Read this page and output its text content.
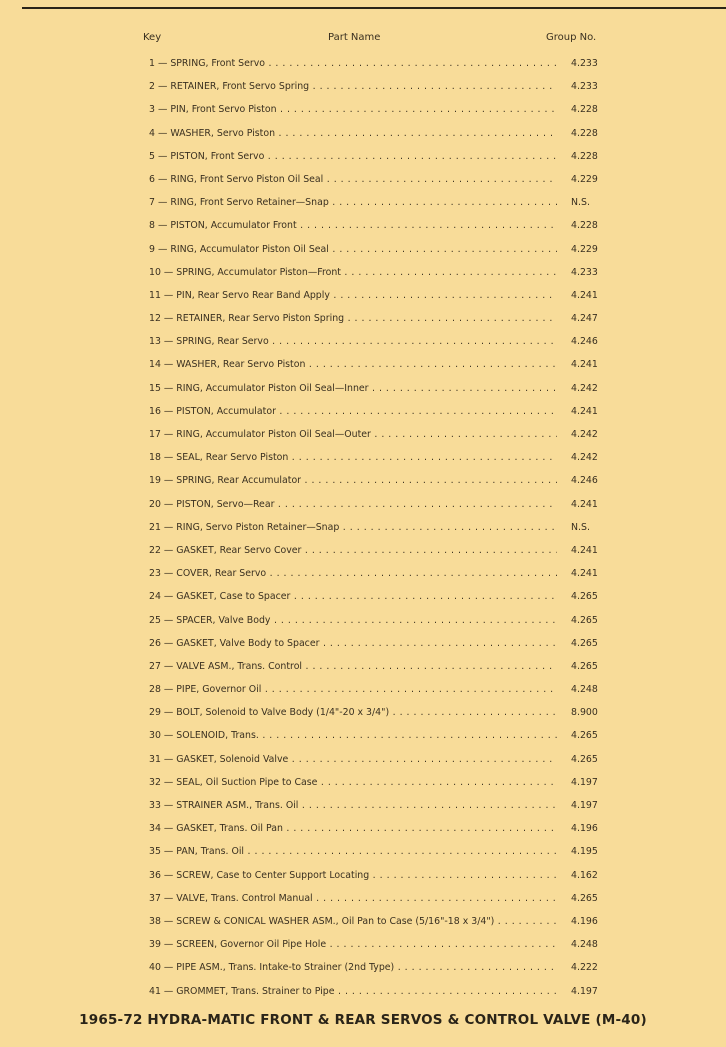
Key	Part Name	Group No.
1 — SPRING, Front Servo . . .	4.233
2 — RETAINER, Front Servo Spring . . .	4.233
3 — PIN, Front Servo Piston . . .	4.228
4 — WASHER, Servo Piston . . .	4.228
5 — PISTON, Front Servo . . .	4.228
6 — RING, Front Servo Piston Oil Seal . . .	4.229
7 — RING, Front Servo Retainer—Snap . . .	N.S.
8 — PISTON, Accumulator Front . . .	4.228
9 — RING, Accumulator Piston Oil Seal . . .	4.229
10 — SPRING, Accumulator Piston—Front . . .	4.233
11 — PIN, Rear Servo Rear Band Apply . . .	4.241
12 — RETAINER, Rear Servo Piston Spring . . .	4.247
13 — SPRING, Rear Servo . . .	4.246
14 — WASHER, Rear Servo Piston . . .	4.241
15 — RING, Accumulator Piston Oil Seal—Inner . . .	4.242
16 — PISTON, Accumulator . . .	4.241
17 — RING, Accumulator Piston Oil Seal—Outer . . .	4.242
18 — SEAL, Rear Servo Piston . . .	4.242
19 — SPRING, Rear Accumulator . . .	4.246
20 — PISTON, Servo—Rear . . .	4.241
21 — RING, Servo Piston Retainer—Snap . . .	N.S.
22 — GASKET, Rear Servo Cover . . .	4.241
23 — COVER, Rear Servo . . .	4.241
24 — GASKET, Case to Spacer . . .	4.265
25 — SPACER, Valve Body . . .	4.265
26 — GASKET, Valve Body to Spacer . . .	4.265
27 — VALVE ASM., Trans. Control . . .	4.265
28 — PIPE, Governor Oil . . .	4.248
29 — BOLT, Solenoid to Valve Body (1/4"-20 x 3/4") . . .	8.900
30 — SOLENOID, Trans. . . .	4.265
31 — GASKET, Solenoid Valve . . .	4.265
32 — SEAL, Oil Suction Pipe to Case . . .	4.197
33 — STRAINER ASM., Trans. Oil . . .	4.197
34 — GASKET, Trans. Oil Pan . . .	4.196
35 — PAN, Trans. Oil . . .	4.195
36 — SCREW, Case to Center Support Locating . . .	4.162
37 — VALVE, Trans. Control Manual . . .	4.265
38 — SCREW & CONICAL WASHER ASM., Oil Pan to Case (5/16"-18 x 3/4") . . .	4.196
39 — SCREEN, Governor Oil Pipe Hole . . .	4.248
40 — PIPE ASM., Trans. Intake-to Strainer (2nd Type) . . .	4.222
41 — GROMMET, Trans. Strainer to Pipe . . .	4.197
1965-72 HYDRA-MATIC FRONT & REAR SERVOS & CONTROL VALVE (M-40)
